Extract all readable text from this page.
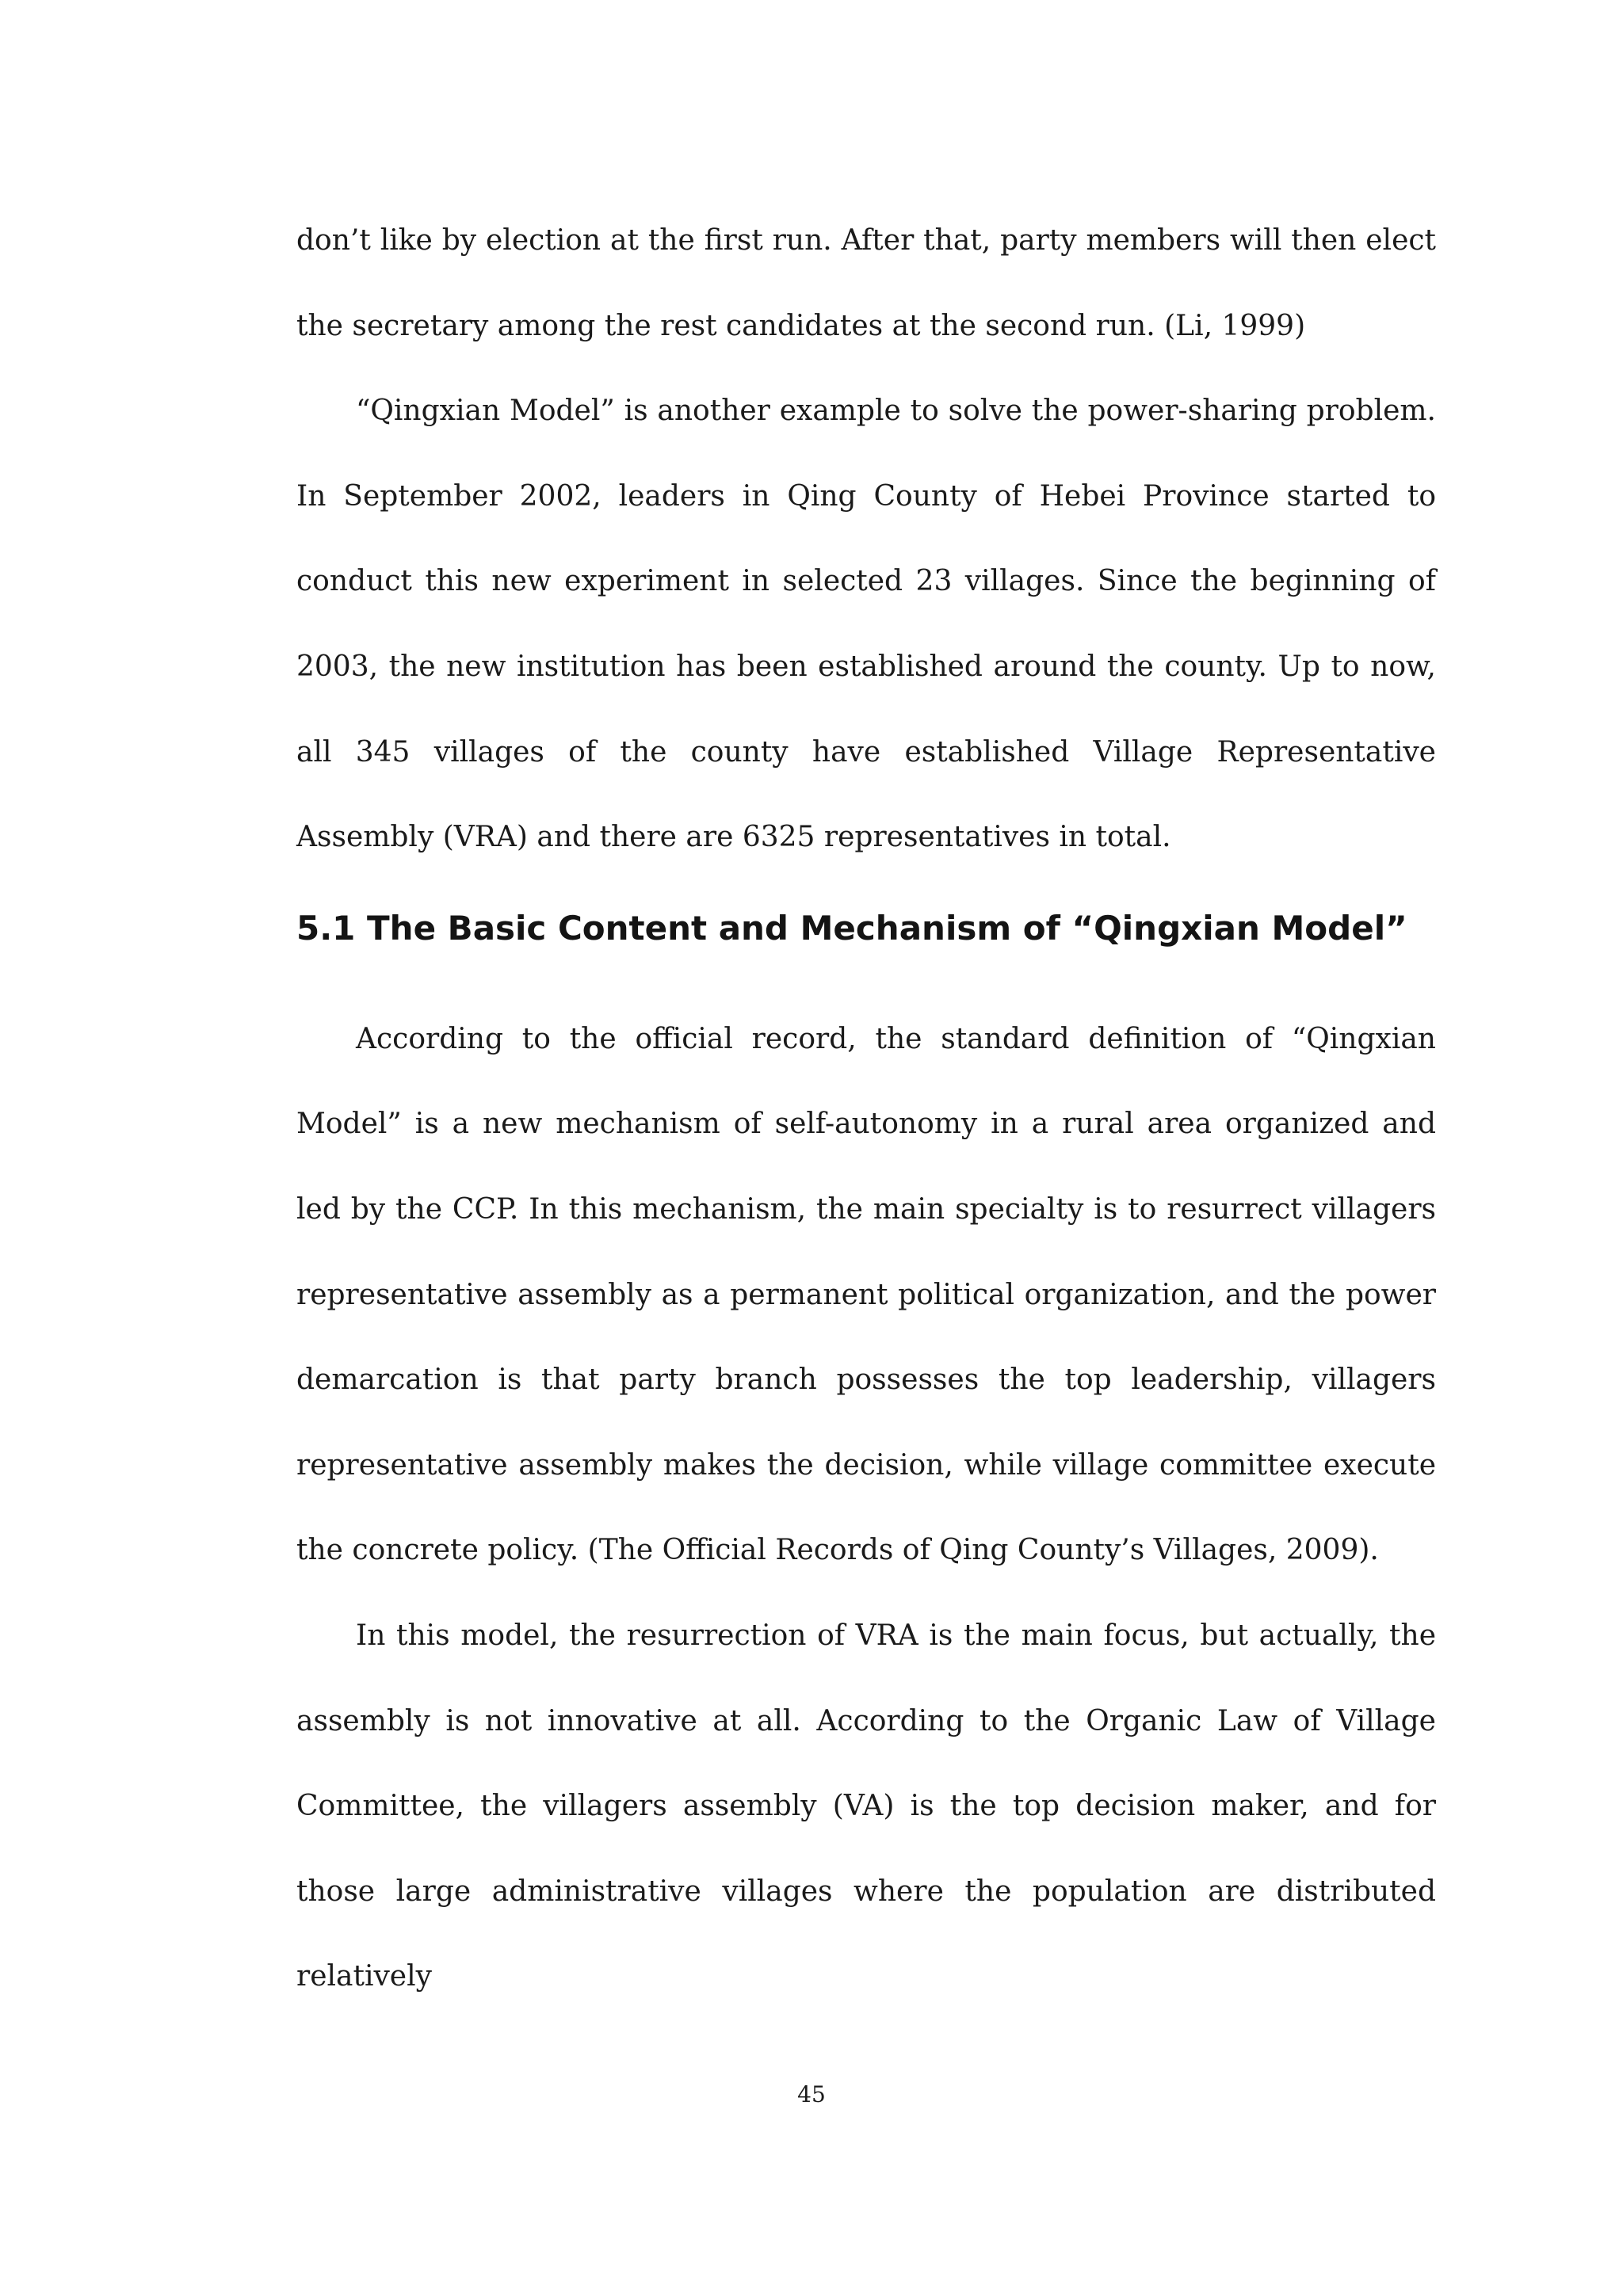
don’t like by election at the first run. After that, party members will then elect the secretary among the rest candidates at the second run. (Li, 1999)

“Qingxian Model” is another example to solve the power-sharing problem. In September 2002, leaders in Qing County of Hebei Province started to conduct this new experiment in selected 23 villages. Since the beginning of 2003, the new institution has been established around the county. Up to now, all 345 villages of the county have established Village Representative Assembly (VRA) and there are 6325 representatives in total.

5.1 The Basic Content and Mechanism of “Qingxian Model”

According to the official record, the standard definition of “Qingxian Model” is a new mechanism of self-autonomy in a rural area organized and led by the CCP. In this mechanism, the main specialty is to resurrect villagers representative assembly as a permanent political organization, and the power demarcation is that party branch possesses the top leadership, villagers representative assembly makes the decision, while village committee execute the concrete policy. (The Official Records of Qing County’s Villages, 2009).

In this model, the resurrection of VRA is the main focus, but actually, the assembly is not innovative at all. According to the Organic Law of Village Committee, the villagers assembly (VA) is the top decision maker, and for those large administrative villages where the population are distributed relatively

45
